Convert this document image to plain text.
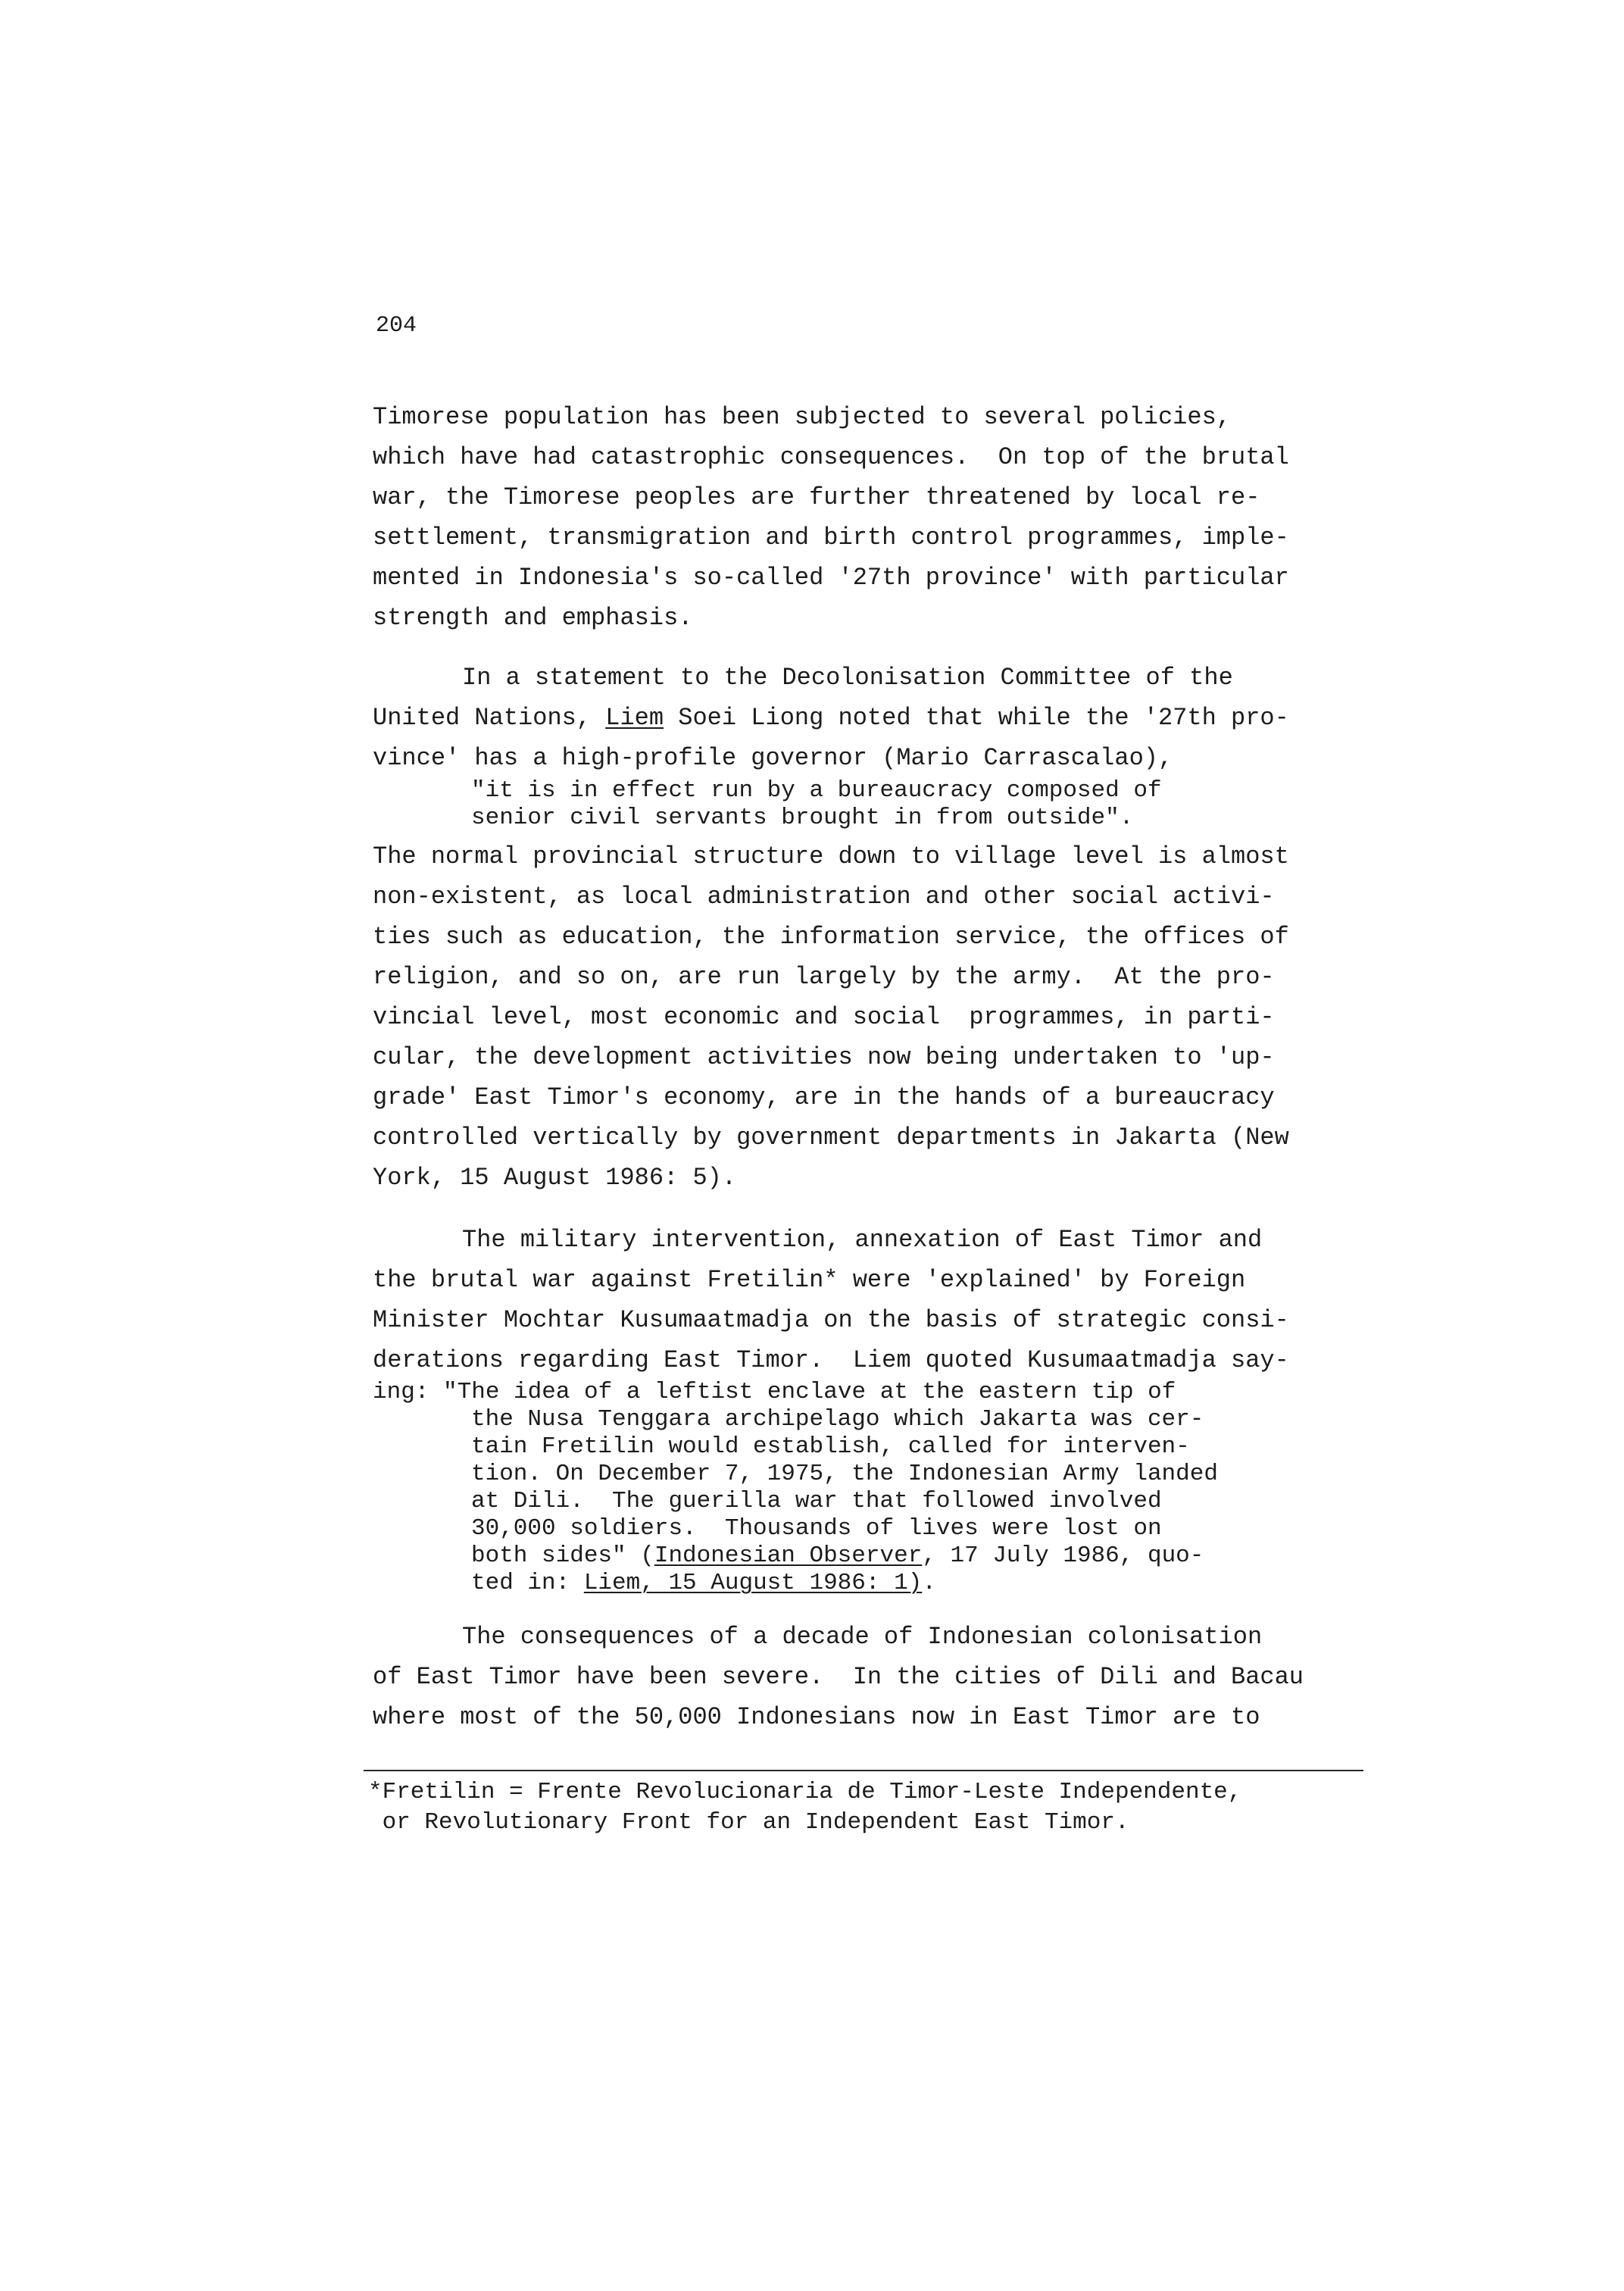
204
Timorese population has been subjected to several policies,
which have had catastrophic consequences.  On top of the brutal
war, the Timorese peoples are further threatened by local re-
settlement, transmigration and birth control programmes, imple-
mented in Indonesia's so-called '27th province' with particular
strength and emphasis.
In a statement to the Decolonisation Committee of the
United Nations, Liem Soei Liong noted that while the '27th pro-
vince' has a high-profile governor (Mario Carrascalao),
"it is in effect run by a bureaucracy composed of
senior civil servants brought in from outside".
The normal provincial structure down to village level is almost
non-existent, as local administration and other social activi-
ties such as education, the information service, the offices of
religion, and so on, are run largely by the army.  At the pro-
vincial level, most economic and social  programmes, in parti-
cular, the development activities now being undertaken to 'up-
grade' East Timor's economy, are in the hands of a bureaucracy
controlled vertically by government departments in Jakarta (New
York, 15 August 1986: 5).
The military intervention, annexation of East Timor and
the brutal war against Fretilin* were 'explained' by Foreign
Minister Mochtar Kusumaatmadja on the basis of strategic consi-
derations regarding East Timor.  Liem quoted Kusumaatmadja say-
ing: "The idea of a leftist enclave at the eastern tip of
the Nusa Tenggara archipelago which Jakarta was cer-
tain Fretilin would establish, called for interven-
tion. On December 7, 1975, the Indonesian Army landed
at Dili.  The guerilla war that followed involved
30,000 soldiers.  Thousands of lives were lost on
both sides" (Indonesian Observer, 17 July 1986, quo-
ted in: Liem, 15 August 1986: 1).
The consequences of a decade of Indonesian colonisation
of East Timor have been severe.  In the cities of Dili and Bacau
where most of the 50,000 Indonesians now in East Timor are to
*Fretilin = Frente Revolucionaria de Timor-Leste Independente,
or Revolutionary Front for an Independent East Timor.
